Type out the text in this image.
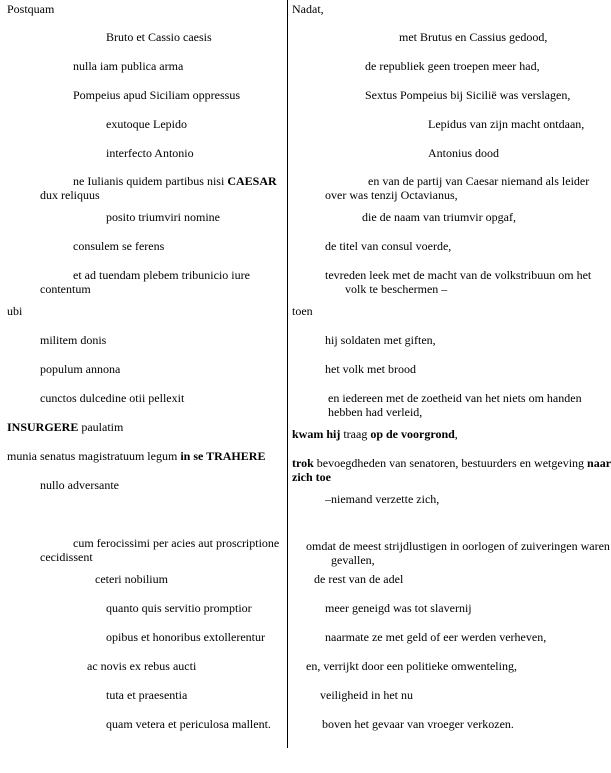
Postquam
Bruto et Cassio caesis
nulla iam publica arma
Pompeius apud Siciliam oppressus
exutoque Lepido
interfecto Antonio
ne Iulianis quidem partibus nisi CAESAR
dux reliquus
posito triumviri nomine
consulem se ferens
et ad tuendam plebem tribunicio iure
contentum
ubi
militem donis
populum annona
cunctos dulcedine otii pellexit
INSURGERE paulatim
munia senatus magistratuum legum in se TRAHERE
nullo adversante
cum ferocissimi per acies aut proscriptione
cecidissent
ceteri nobilium
quanto quis servitio promptior
opibus et honoribus extollerentur
ac novis ex rebus aucti
tuta et praesentia
quam vetera et periculosa mallent.
Nadat,
met Brutus en Cassius gedood,
de republiek geen troepen meer had,
Sextus Pompeius bij Sicilië was verslagen,
Lepidus van zijn macht ontdaan,
Antonius dood
en van de partij van Caesar niemand als leider
over was tenzij Octavianus,
die de naam van triumvir opgaf,
de titel van consul voerde,
tevreden leek met de macht van de volkstribuun om het
volk te beschermen –
toen
hij soldaten met giften,
het volk met brood
en iedereen met de zoetheid van het niets om handen
hebben had verleid,
kwam hij traag op de voorgrond,
trok bevoegdheden van senatoren, bestuurders en wetgeving naar
zich toe
–niemand verzette zich,
omdat de meest strijdlustigen in oorlogen of zuiveringen waren
gevallen,
de rest van de adel
meer geneigd was tot slavernij
naarmate ze met geld of eer werden verheven,
en, verrijkt door een politieke omwenteling,
veiligheid in het nu
boven het gevaar van vroeger verkozen.
